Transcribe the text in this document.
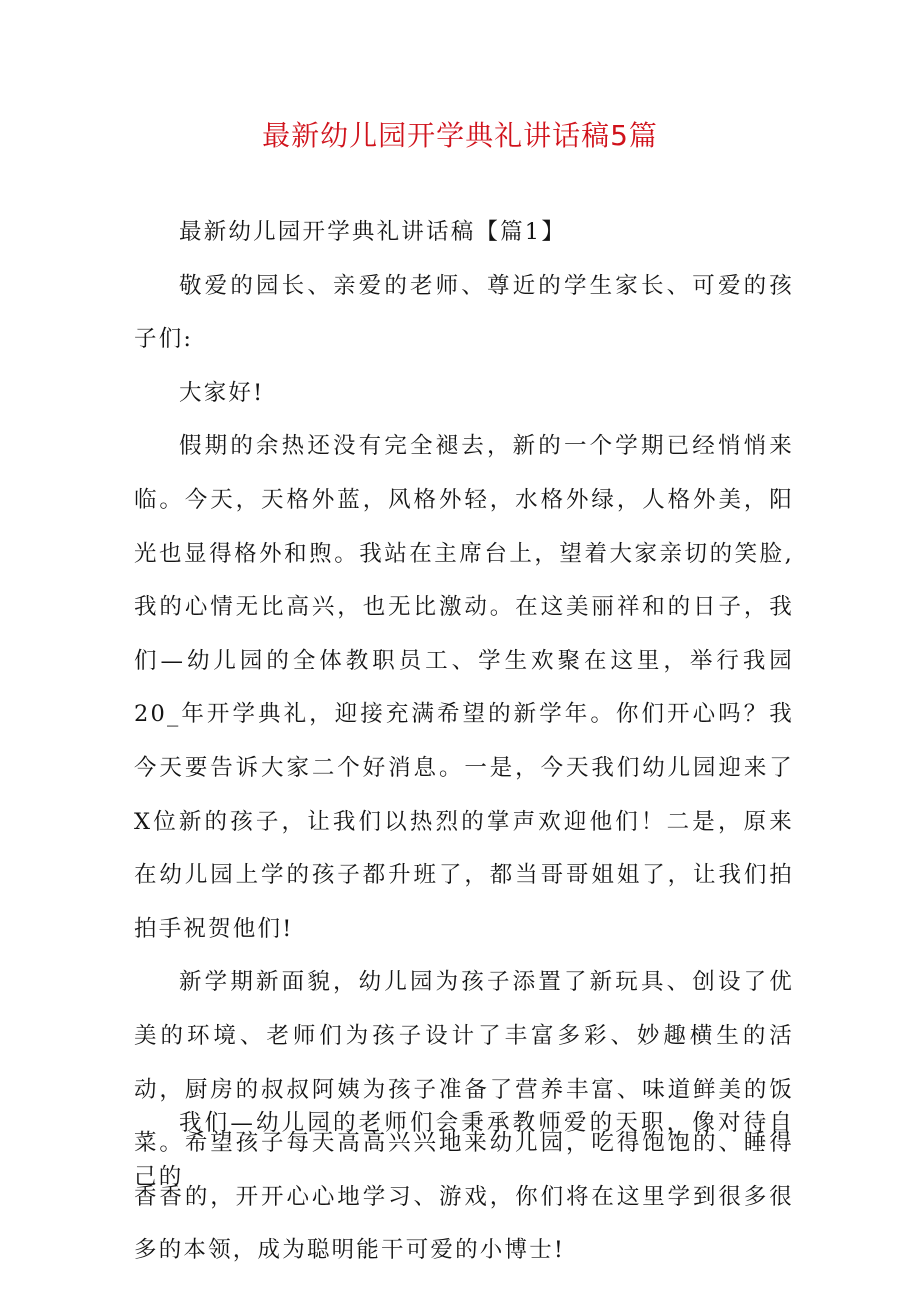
最新幼儿园开学典礼讲话稿5篇

最新幼儿园开学典礼讲话稿【篇1】

敬爱的园长、亲爱的老师、尊近的学生家长、可爱的孩子们:

大家好!

假期的余热还没有完全褪去，新的一个学期已经悄悄来临。今天，天格外蓝，风格外轻，水格外绿，人格外美，阳光也显得格外和煦。我站在主席台上，望着大家亲切的笑脸,我的心情无比高兴，也无比激动。在这美丽祥和的日子，我们—幼儿园的全体教职员工、学生欢聚在这里，举行我园20_年开学典礼，迎接充满希望的新学年。你们开心吗？我今天要告诉大家二个好消息。一是，今天我们幼儿园迎来了X位新的孩子，让我们以热烈的掌声欢迎他们！二是，原来在幼儿园上学的孩子都升班了，都当哥哥姐姐了，让我们拍拍手祝贺他们!

新学期新面貌，幼儿园为孩子添置了新玩具、创设了优美的环境、老师们为孩子设计了丰富多彩、妙趣横生的活动，厨房的叔叔阿姨为孩子准备了营养丰富、味道鲜美的饭菜。希望孩子每天高高兴兴地来幼儿园，吃得饱饱的、睡得香香的，开开心心地学习、游戏，你们将在这里学到很多很多的本领，成为聪明能干可爱的小博士!

我们—幼儿园的老师们会秉承教师爱的天职，像对待自己的
